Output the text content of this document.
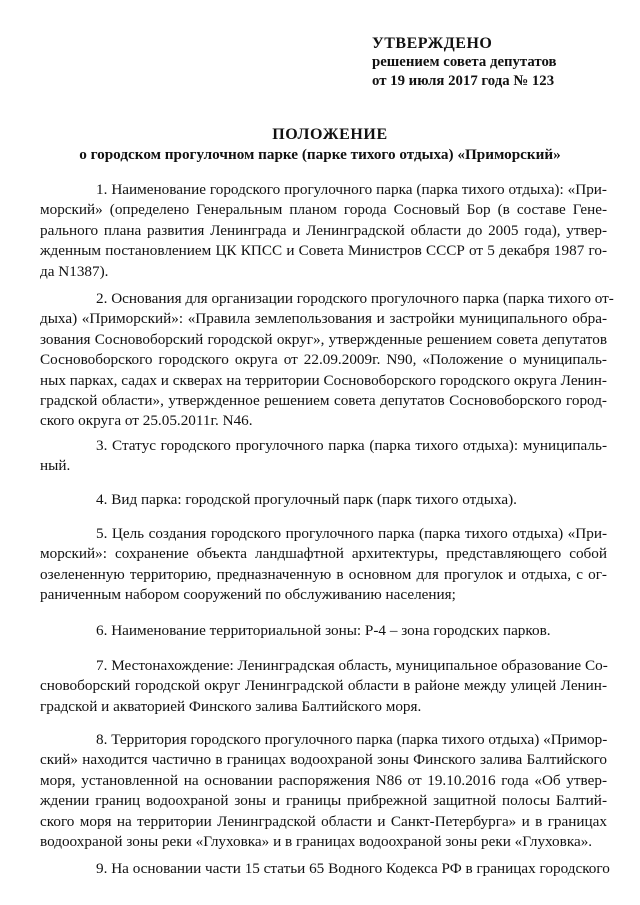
УТВЕРЖДЕНО
решением совета депутатов
от 19 июля 2017 года № 123
ПОЛОЖЕНИЕ
о городском прогулочном парке (парке тихого отдыха) «Приморский»
1. Наименование городского прогулочного парка (парка тихого отдыха): «При-
морский» (определено Генеральным планом города Сосновый Бор (в составе Гене-
рального плана развития Ленинграда и Ленинградской области до 2005 года), утвер-
жденным постановлением ЦК КПСС и Совета Министров СССР от 5 декабря 1987 го-
да N1387).
2. Основания для организации городского прогулочного парка (парка тихого от-
дыха) «Приморский»: «Правила землепользования и застройки муниципального обра-
зования Сосновоборский городской округ», утвержденные решением совета депутатов
Сосновоборского городского округа от 22.09.2009г. N90, «Положение о муниципаль-
ных парках, садах и скверах на территории Сосновоборского городского округа Ленин-
градской области», утвержденное решением совета депутатов Сосновоборского город-
ского округа от 25.05.2011г. N46.
3. Статус городского прогулочного парка (парка тихого отдыха): муниципаль-
ный.
4. Вид парка: городской прогулочный парк (парк тихого отдыха).
5. Цель создания городского прогулочного парка (парка тихого отдыха) «При-
морский»: сохранение объекта ландшафтной архитектуры, представляющего собой
озелененную территорию, предназначенную в основном для прогулок и отдыха, с ог-
раниченным набором сооружений по обслуживанию населения;
6. Наименование территориальной зоны: Р-4 – зона городских парков.
7. Местонахождение: Ленинградская область, муниципальное образование Со-
сновоборский городской округ Ленинградской области в районе между улицей Ленин-
градской и акваторией Финского залива Балтийского моря.
8. Территория городского прогулочного парка (парка тихого отдыха) «Примор-
ский» находится частично в границах водоохраной зоны Финского залива Балтийского
моря, установленной на основании распоряжения N86 от 19.10.2016 года «Об утвер-
ждении границ водоохраной зоны и границы прибрежной защитной полосы Балтий-
ского моря на территории Ленинградской области и Санкт-Петербурга» и в границах
водоохраной зоны реки «Глуховка» и в границах водоохраной зоны реки «Глуховка».
9. На основании части 15 статьи 65 Водного Кодекса РФ в границах городского
